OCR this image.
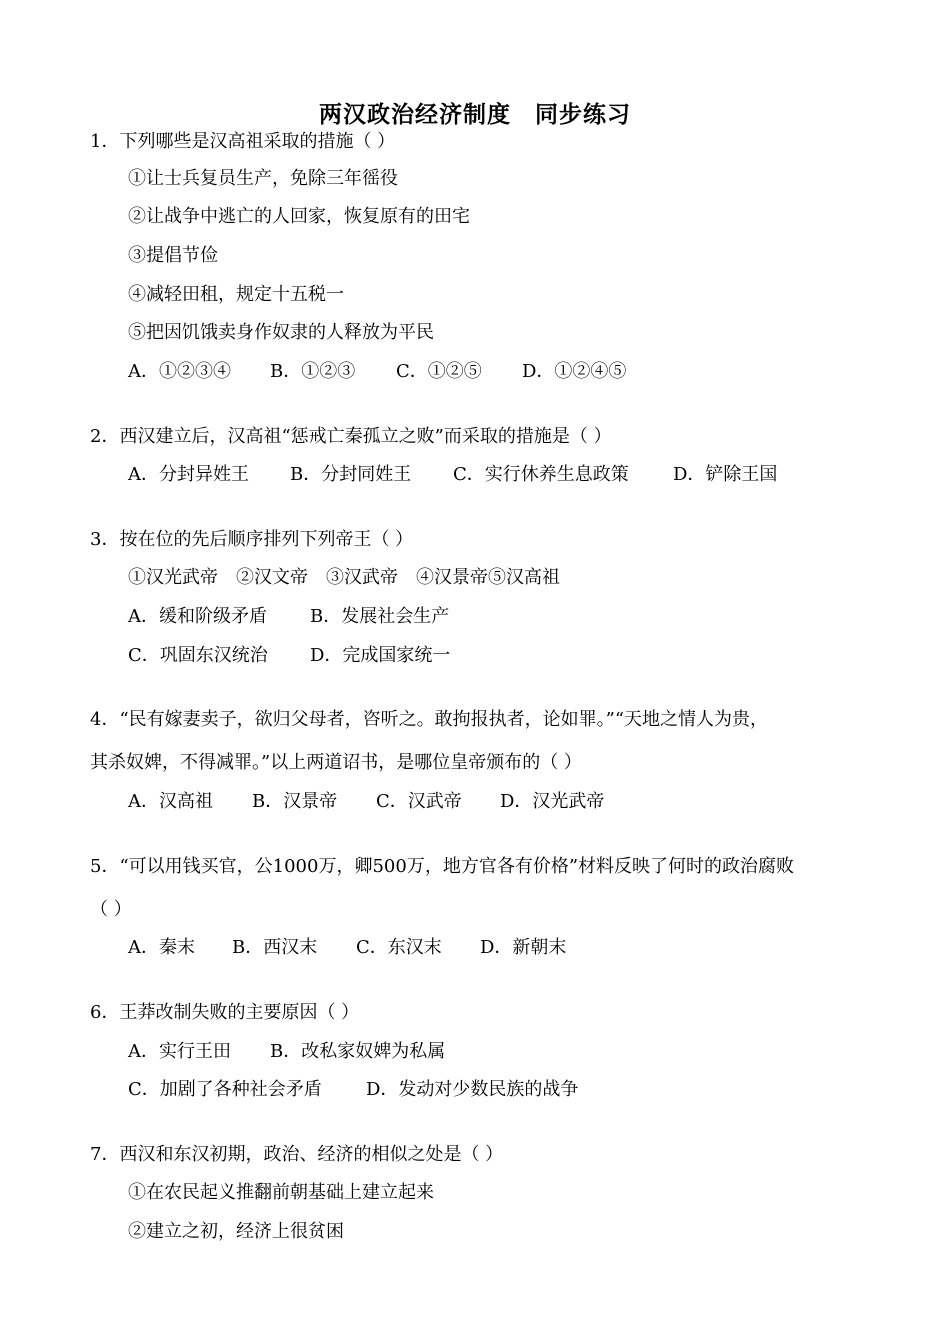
两汉政治经济制度　同步练习
1．下列哪些是汉高祖采取的措施（ ）
①让士兵复员生产，免除三年徭役
②让战争中逃亡的人回家，恢复原有的田宅
③提倡节俭
④减轻田租，规定十五税一
⑤把因饥饿卖身作奴隶的人释放为平民
A．①②③④ B．①②③ C．①②⑤ D．①②④⑤
2．西汉建立后，汉高祖“惩戒亡秦孤立之败”而采取的措施是（ ）
A．分封异姓王 B．分封同姓王 C．实行休养生息政策 D．铲除王国
3．按在位的先后顺序排列下列帝王（ ）
①汉光武帝　②汉文帝　③汉武帝　④汉景帝⑤汉高祖
A．缓和阶级矛盾 B．发展社会生产
C．巩固东汉统治 D．完成国家统一
4．“民有嫁妻卖子，欲归父母者，咨听之。敢拘报执者，论如罪。”“天地之情人为贵，
其杀奴婢，不得减罪。”以上两道诏书，是哪位皇帝颁布的（ ）
A．汉高祖 B．汉景帝 C．汉武帝 D．汉光武帝
5．“可以用钱买官，公1000万，卿500万，地方官各有价格”材料反映了何时的政治腐败
（ ）
A．秦末 B．西汉末 C．东汉末 D．新朝末
6．王莽改制失败的主要原因（ ）
A．实行王田 B．改私家奴婢为私属
C．加剧了各种社会矛盾 D．发动对少数民族的战争
7．西汉和东汉初期，政治、经济的相似之处是（ ）
①在农民起义推翻前朝基础上建立起来
②建立之初，经济上很贫困
